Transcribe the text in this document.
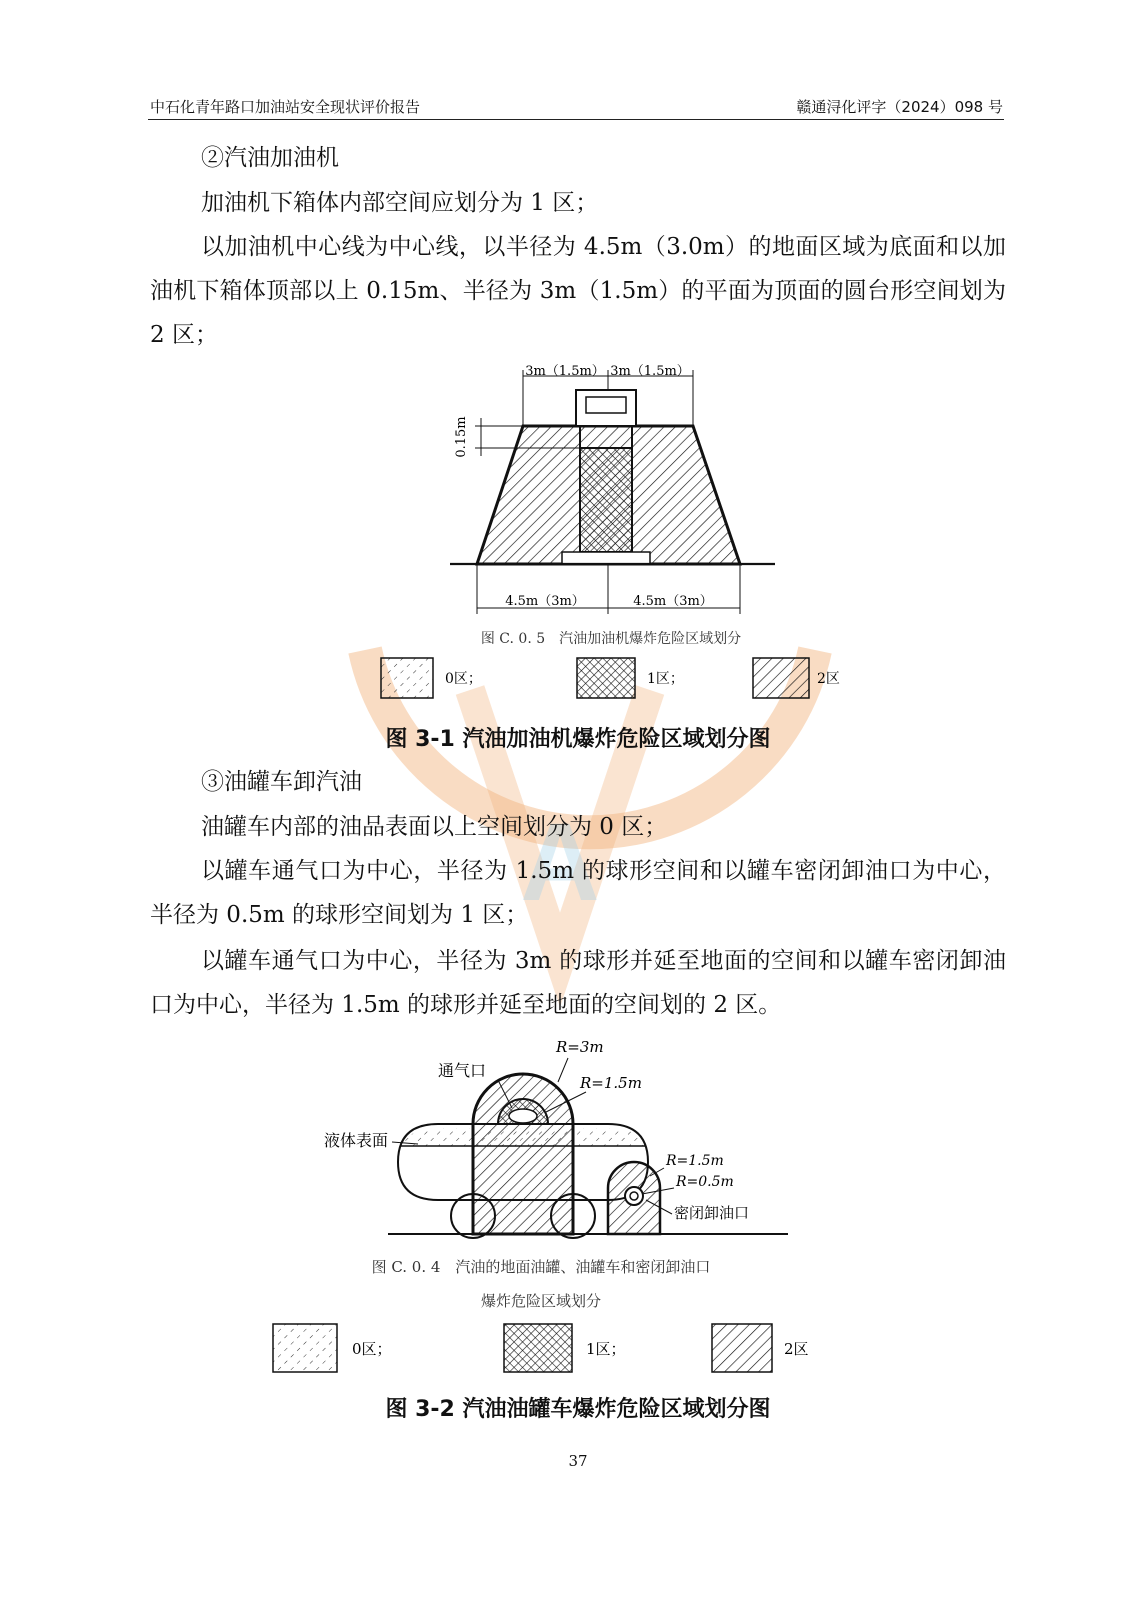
A
中石化青年路口加油站安全现状评价报告	赣通浔化评字（2024）098 号

②汽油加油机

加油机下箱体内部空间应划分为 1 区；

以加油机中心线为中心线，以半径为 4.5m（3.0m）的地面区域为底面和以加油机下箱体顶部以上 0.15m、半径为 3m（1.5m）的平面为顶面的圆台形空间划为 2 区；

3m（1.5m） 3m（1.5m）
0.15m
4.5m（3m）	4.5m（3m）
图 C. 0. 5　汽油加油机爆炸危险区域划分
0区；	1区；	2区
图 3-1 汽油加油机爆炸危险区域划分图

③油罐车卸汽油

油罐车内部的油品表面以上空间划分为 0 区；

以罐车通气口为中心，半径为 1.5m 的球形空间和以罐车密闭卸油口为中心，半径为 0.5m 的球形空间划为 1 区；

以罐车通气口为中心，半径为 3m 的球形并延至地面的空间和以罐车密闭卸油口为中心，半径为 1.5m 的球形并延至地面的空间划的 2 区。

通气口
R=3m
R=1.5m
液体表面
R=1.5m
R=0.5m
密闭卸油口
图 C. 0. 4　汽油的地面油罐、油罐车和密闭卸油口
爆炸危险区域划分
0区；	1区；	2区
图 3-2 汽油油罐车爆炸危险区域划分图
37
